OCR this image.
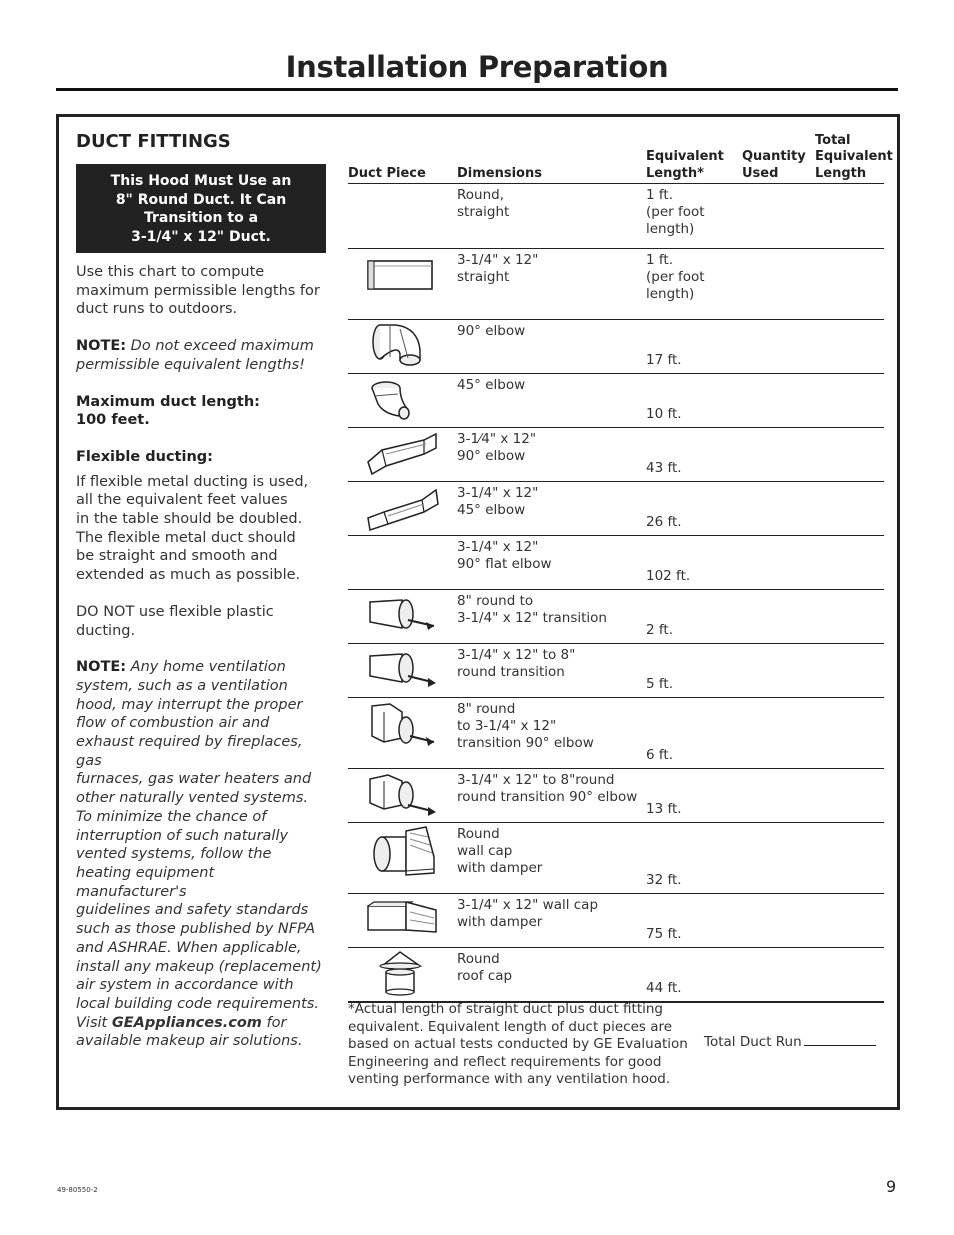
Installation Preparation
DUCT FITTINGS
This Hood Must Use an
8" Round Duct. It Can
Transition to a
3-1/4" x 12" Duct.

Use this chart to compute
maximum permissible lengths for
duct runs to outdoors.

NOTE: Do not exceed maximum
permissible equivalent lengths!

Maximum duct length:
100 feet.

Flexible ducting:

If flexible metal ducting is used,
all the equivalent feet values
in the table should be doubled.
The flexible metal duct should
be straight and smooth and
extended as much as possible.

DO NOT use flexible plastic
ducting.

NOTE: Any home ventilation
system, such as a ventilation
hood, may interrupt the proper
flow of combustion air and
exhaust required by fireplaces, gas
furnaces, gas water heaters and
other naturally vented systems.
To minimize the chance of
interruption of such naturally
vented systems, follow the
heating equipment manufacturer's
guidelines and safety standards
such as those published by NFPA
and ASHRAE. When applicable,
install any makeup (replacement)
air system in accordance with
local building code requirements.
Visit GEAppliances.com for
available makeup air solutions.

Duct Piece Dimensions
Equivalent
Length*
Quantity
Used
Total
Equivalent
Length
Round,
straight
1 ft.
(per foot
length)
3-1/4" x 12"
straight
1 ft.
(per foot
length)
90° elbow
17 ft.
45° elbow
10 ft.
3-1⁄4" x 12"
90° elbow
43 ft.
3-1/4" x 12"
45° elbow
26 ft.
3-1/4" x 12"
90° flat elbow
102 ft.
8" round to
3-1/4" x 12" transition
2 ft.
3-1/4" x 12" to 8"
round transition
5 ft.
8" round
to 3-1/4" x 12"
transition 90° elbow
6 ft.
3-1/4" x 12" to 8"round
round transition 90° elbow
13 ft.
Round
wall cap
with damper
32 ft.
3-1/4" x 12" wall cap
with damper
75 ft.
Round
roof cap
44 ft.
*Actual length of straight duct plus duct fitting
equivalent. Equivalent length of duct pieces are
based on actual tests conducted by GE Evaluation
Engineering and reflect requirements for good
venting performance with any ventilation hood.
Total Duct Run
49-80550-2	9
